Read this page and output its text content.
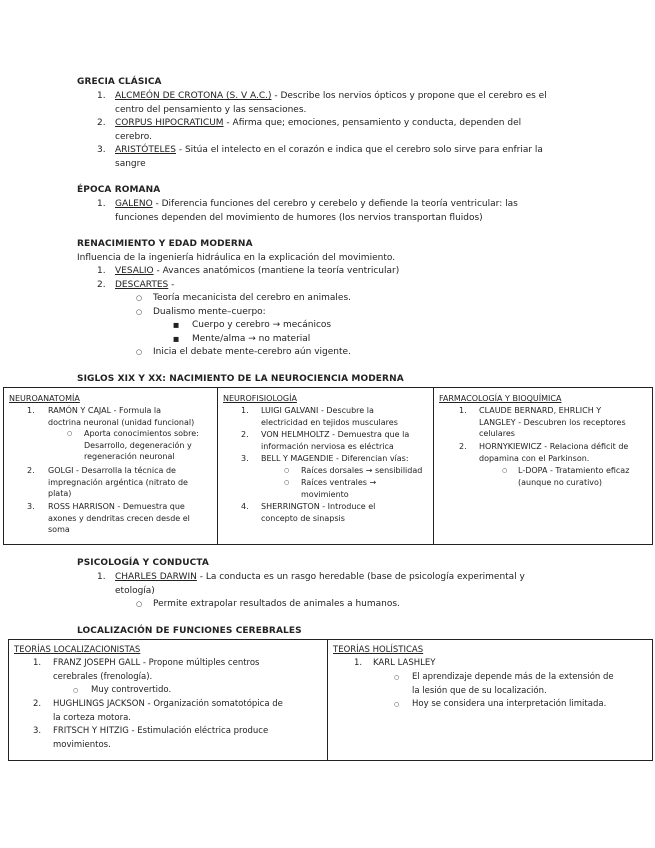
GRECIA CLÁSICA
1. ALCMEÓN DE CROTONA (S. V A.C.) - Describe los nervios ópticos y propone que el cerebro es el
centro del pensamiento y las sensaciones.
2. CORPUS HIPOCRATICUM - Afirma que; emociones, pensamiento y conducta, dependen del
cerebro.
3. ARISTÓTELES - Sitúa el intelecto en el corazón e indica que el cerebro solo sirve para enfriar la
sangre
ÉPOCA ROMANA
1. GALENO - Diferencia funciones del cerebro y cerebelo y defiende la teoría ventricular: las
funciones dependen del movimiento de humores (los nervios transportan fluidos)
RENACIMIENTO Y EDAD MODERNA
Influencia de la ingeniería hidráulica en la explicación del movimiento.
1. VESALIO - Avances anatómicos (mantiene la teoría ventricular)
2. DESCARTES -
○ Teoría mecanicista del cerebro en animales.
○ Dualismo mente–cuerpo:
■ Cuerpo y cerebro → mecánicos
■ Mente/alma → no material
○ Inicia el debate mente-cerebro aún vigente.
SIGLOS XIX Y XX: NACIMIENTO DE LA NEUROCIENCIA MODERNA
NEUROANATOMÍA
1. RAMÓN Y CAJAL - Formula la
doctrina neuronal (unidad funcional)
○ Aporta conocimientos sobre:
Desarrollo, degeneración y
regeneración neuronal
2. GOLGI - Desarrolla la técnica de
impregnación argéntica (nitrato de
plata)
3. ROSS HARRISON - Demuestra que
axones y dendritas crecen desde el
soma
NEUROFISIOLOGÍA
1. LUIGI GALVANI - Descubre la
electricidad en tejidos musculares
2. VON HELMHOLTZ - Demuestra que la
información nerviosa es eléctrica
3. BELL Y MAGENDIE - Diferencian vías:
○ Raíces dorsales → sensibilidad
○ Raíces ventrales →
movimiento
4. SHERRINGTON - Introduce el
concepto de sinapsis
FARMACOLOGÍA Y BIOQUÍMICA
1. CLAUDE BERNARD, EHRLICH Y
LANGLEY - Descubren los receptores
celulares
2. HORNYKIEWICZ - Relaciona déficit de
dopamina con el Parkinson.
○ L-DOPA - Tratamiento eficaz
(aunque no curativo)
PSICOLOGÍA Y CONDUCTA
1. CHARLES DARWIN - La conducta es un rasgo heredable (base de psicología experimental y
etología)
○ Permite extrapolar resultados de animales a humanos.
LOCALIZACIÓN DE FUNCIONES CEREBRALES
TEORÍAS LOCALIZACIONISTAS
1. FRANZ JOSEPH GALL - Propone múltiples centros
cerebrales (frenología).
○ Muy controvertido.
2. HUGHLINGS JACKSON - Organización somatotópica de
la corteza motora.
3. FRITSCH Y HITZIG - Estimulación eléctrica produce
movimientos.
TEORÍAS HOLÍSTICAS
1. KARL LASHLEY
○ El aprendizaje depende más de la extensión de
la lesión que de su localización.
○ Hoy se considera una interpretación limitada.
